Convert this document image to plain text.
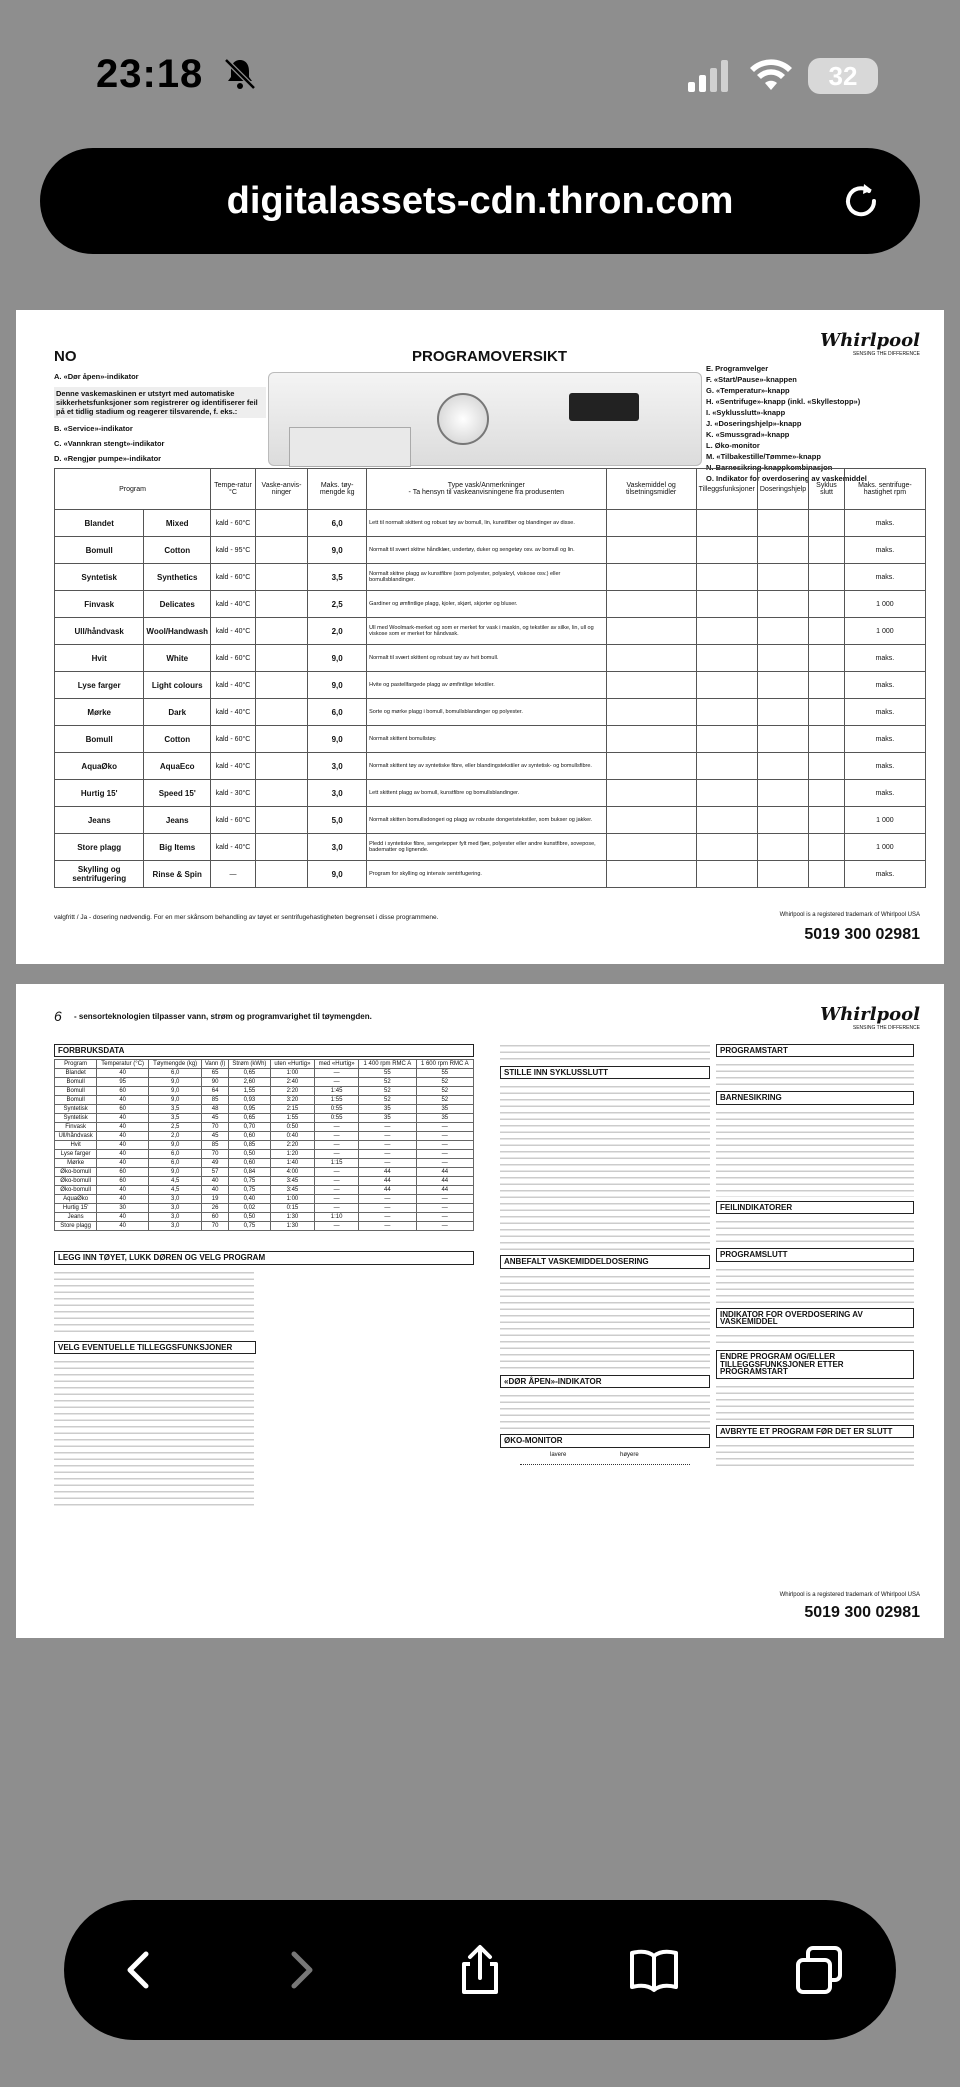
23:18	32
digitalassets-cdn.thron.com
NO	PROGRAMOVERSIKT
Whirlpool
SENSING THE DIFFERENCE
A. «Dør åpen»-indikator
Denne vaskemaskinen er utstyrt med automatiske sikkerhetsfunksjoner som registrerer og identifiserer feil på et tidlig stadium og reagerer tilsvarende, f. eks.:
B. «Service»-indikator
C. «Vannkran stengt»-indikator
D. «Rengjør pumpe»-indikator
E. Programvelger
F. «Start/Pause»-knappen
G. «Temperatur»-knapp
H. «Sentrifuge»-knapp (inkl. «Skyllestopp»)
I. «Syklusslutt»-knapp
J. «Doseringshjelp»-knapp
K. «Smussgrad»-knapp
L. Øko-monitor
M. «Tilbakestille/Tømme»-knapp
N. Barnesikring-knappkombinasjon
O. Indikator for overdosering av vaskemiddel
Program		Tempe-ratur °C	Vaske-anvis-ninger	Maks. tøy-mengde kg	Type vask/Anmerkninger
- Ta hensyn til vaskeanvisningene fra produsenten	Vaskemiddel og tilsetningsmidler	Tilleggsfunksjoner	Doseringshjelp	Syklus slutt	Maks. sentrifuge-hastighet rpm
Blandet	Mixed	kald - 60°C		6,0	Lett til normalt skittent og robust tøy av bomull, lin, kunstfiber og blandinger av disse.					maks.
Bomull	Cotton	kald - 95°C		9,0	Normalt til svært skitne håndklær, undertøy, duker og sengetøy osv. av bomull og lin.					maks.
Syntetisk	Synthetics	kald - 60°C		3,5	Normalt skitne plagg av kunstfibre (som polyester, polyakryl, viskose osv.) eller bomullsblandinger.					maks.
Finvask	Delicates	kald - 40°C		2,5	Gardiner og ømfintlige plagg, kjoler, skjørt, skjorter og bluser.					1 000
Ull/håndvask	Wool/Handwash	kald - 40°C		2,0	Ull med Woolmark-merket og som er merket for vask i maskin, og tekstiler av silke, lin, ull og viskose som er merket for håndvask.					1 000
Hvit	White	kald - 60°C		9,0	Normalt til svært skittent og robust tøy av hvit bomull.					maks.
Lyse farger	Light colours	kald - 40°C		9,0	Hvite og pastellfargede plagg av ømfintlige tekstiler.					maks.
Mørke	Dark	kald - 40°C		6,0	Sorte og mørke plagg i bomull, bomullsblandinger og polyester.					maks.
Bomull	Cotton	kald - 60°C		9,0	Normalt skittent bomullstøy.					maks.
AquaØko	AquaEco	kald - 40°C		3,0	Normalt skittent tøy av syntetiske fibre, eller blandingstekstiler av syntetisk- og bomullsfibre.					maks.
Hurtig 15'	Speed 15'	kald - 30°C		3,0	Lett skittent plagg av bomull, kunstfibre og bomullsblandinger.					maks.
Jeans	Jeans	kald - 60°C		5,0	Normalt skitten bomullsdongeri og plagg av robuste dongeristekstiler, som bukser og jakker.					1 000
Store plagg	Big Items	kald - 40°C		3,0	Pledd i syntetiske fibre, sengetepper fylt med fjær, polyester eller andre kunstfibre, sovepose, badematter og lignende.					1 000
Skylling og sentrifugering	Rinse & Spin	—		9,0	Program for skylling og intensiv sentrifugering.					maks.
valgfritt / Ja - dosering nødvendig. For en mer skånsom behandling av tøyet er sentrifugehastigheten begrenset i disse programmene.	Whirlpool is a registered trademark of Whirlpool USA
5019 300 02981
6 - sensorteknologien tilpasser vann, strøm og programvarighet til tøymengden.	Whirlpool
SENSING THE DIFFERENCE
FORBRUKSDATA
Program	Temperatur (°C)	Tøymengde (kg)	Vann (l)	Strøm (kWh)	uten «Hurtig»	med «Hurtig»	1 400 rpm RMC A	1 600 rpm RMC A
Blandet	40	6,0	65	0,65	1:00	—	55	55
Bomull	95	9,0	90	2,60	2:40	—	52	52
Bomull	60	9,0	64	1,55	2:20	1:45	52	52
Bomull	40	9,0	85	0,93	3:20	1:55	52	52
Syntetisk	60	3,5	48	0,95	2:15	0:55	35	35
Syntetisk	40	3,5	45	0,65	1:55	0:55	35	35
Finvask	40	2,5	70	0,70	0:50	—	—	—
Ull/håndvask	40	2,0	45	0,60	0:40	—	—	—
Hvit	40	9,0	85	0,85	2:20	—	—	—
Lyse farger	40	6,0	70	0,50	1:20	—	—	—
Mørke	40	6,0	49	0,60	1:40	1:15	—	—
Øko-bomull	60	9,0	57	0,84	4:00	—	44	44
Øko-bomull	60	4,5	40	0,75	3:45	—	44	44
Øko-bomull	40	4,5	40	0,75	3:45	—	44	44
AquaØko	40	3,0	19	0,40	1:00	—	—	—
Hurtig 15'	30	3,0	26	0,02	0:15	—	—	—
Jeans	40	3,0	60	0,50	1:30	1:10	—	—
Store plagg	40	3,0	70	0,75	1:30	—	—	—
LEGG INN TØYET, LUKK DØREN OG VELG PROGRAM
VELG EVENTUELLE TILLEGGSFUNKSJONER
STILLE INN SYKLUSSLUTT
ANBEFALT VASKEMIDDELDOSERING
«DØR ÅPEN»-INDIKATOR
ØKO-MONITOR
lavere	høyere
PROGRAMSTART
BARNESIKRING
FEILINDIKATORER
PROGRAMSLUTT
INDIKATOR FOR OVERDOSERING AV VASKEMIDDEL
ENDRE PROGRAM OG/ELLER TILLEGGSFUNKSJONER ETTER PROGRAMSTART
AVBRYTE ET PROGRAM FØR DET ER SLUTT
Whirlpool is a registered trademark of Whirlpool USA
5019 300 02981
